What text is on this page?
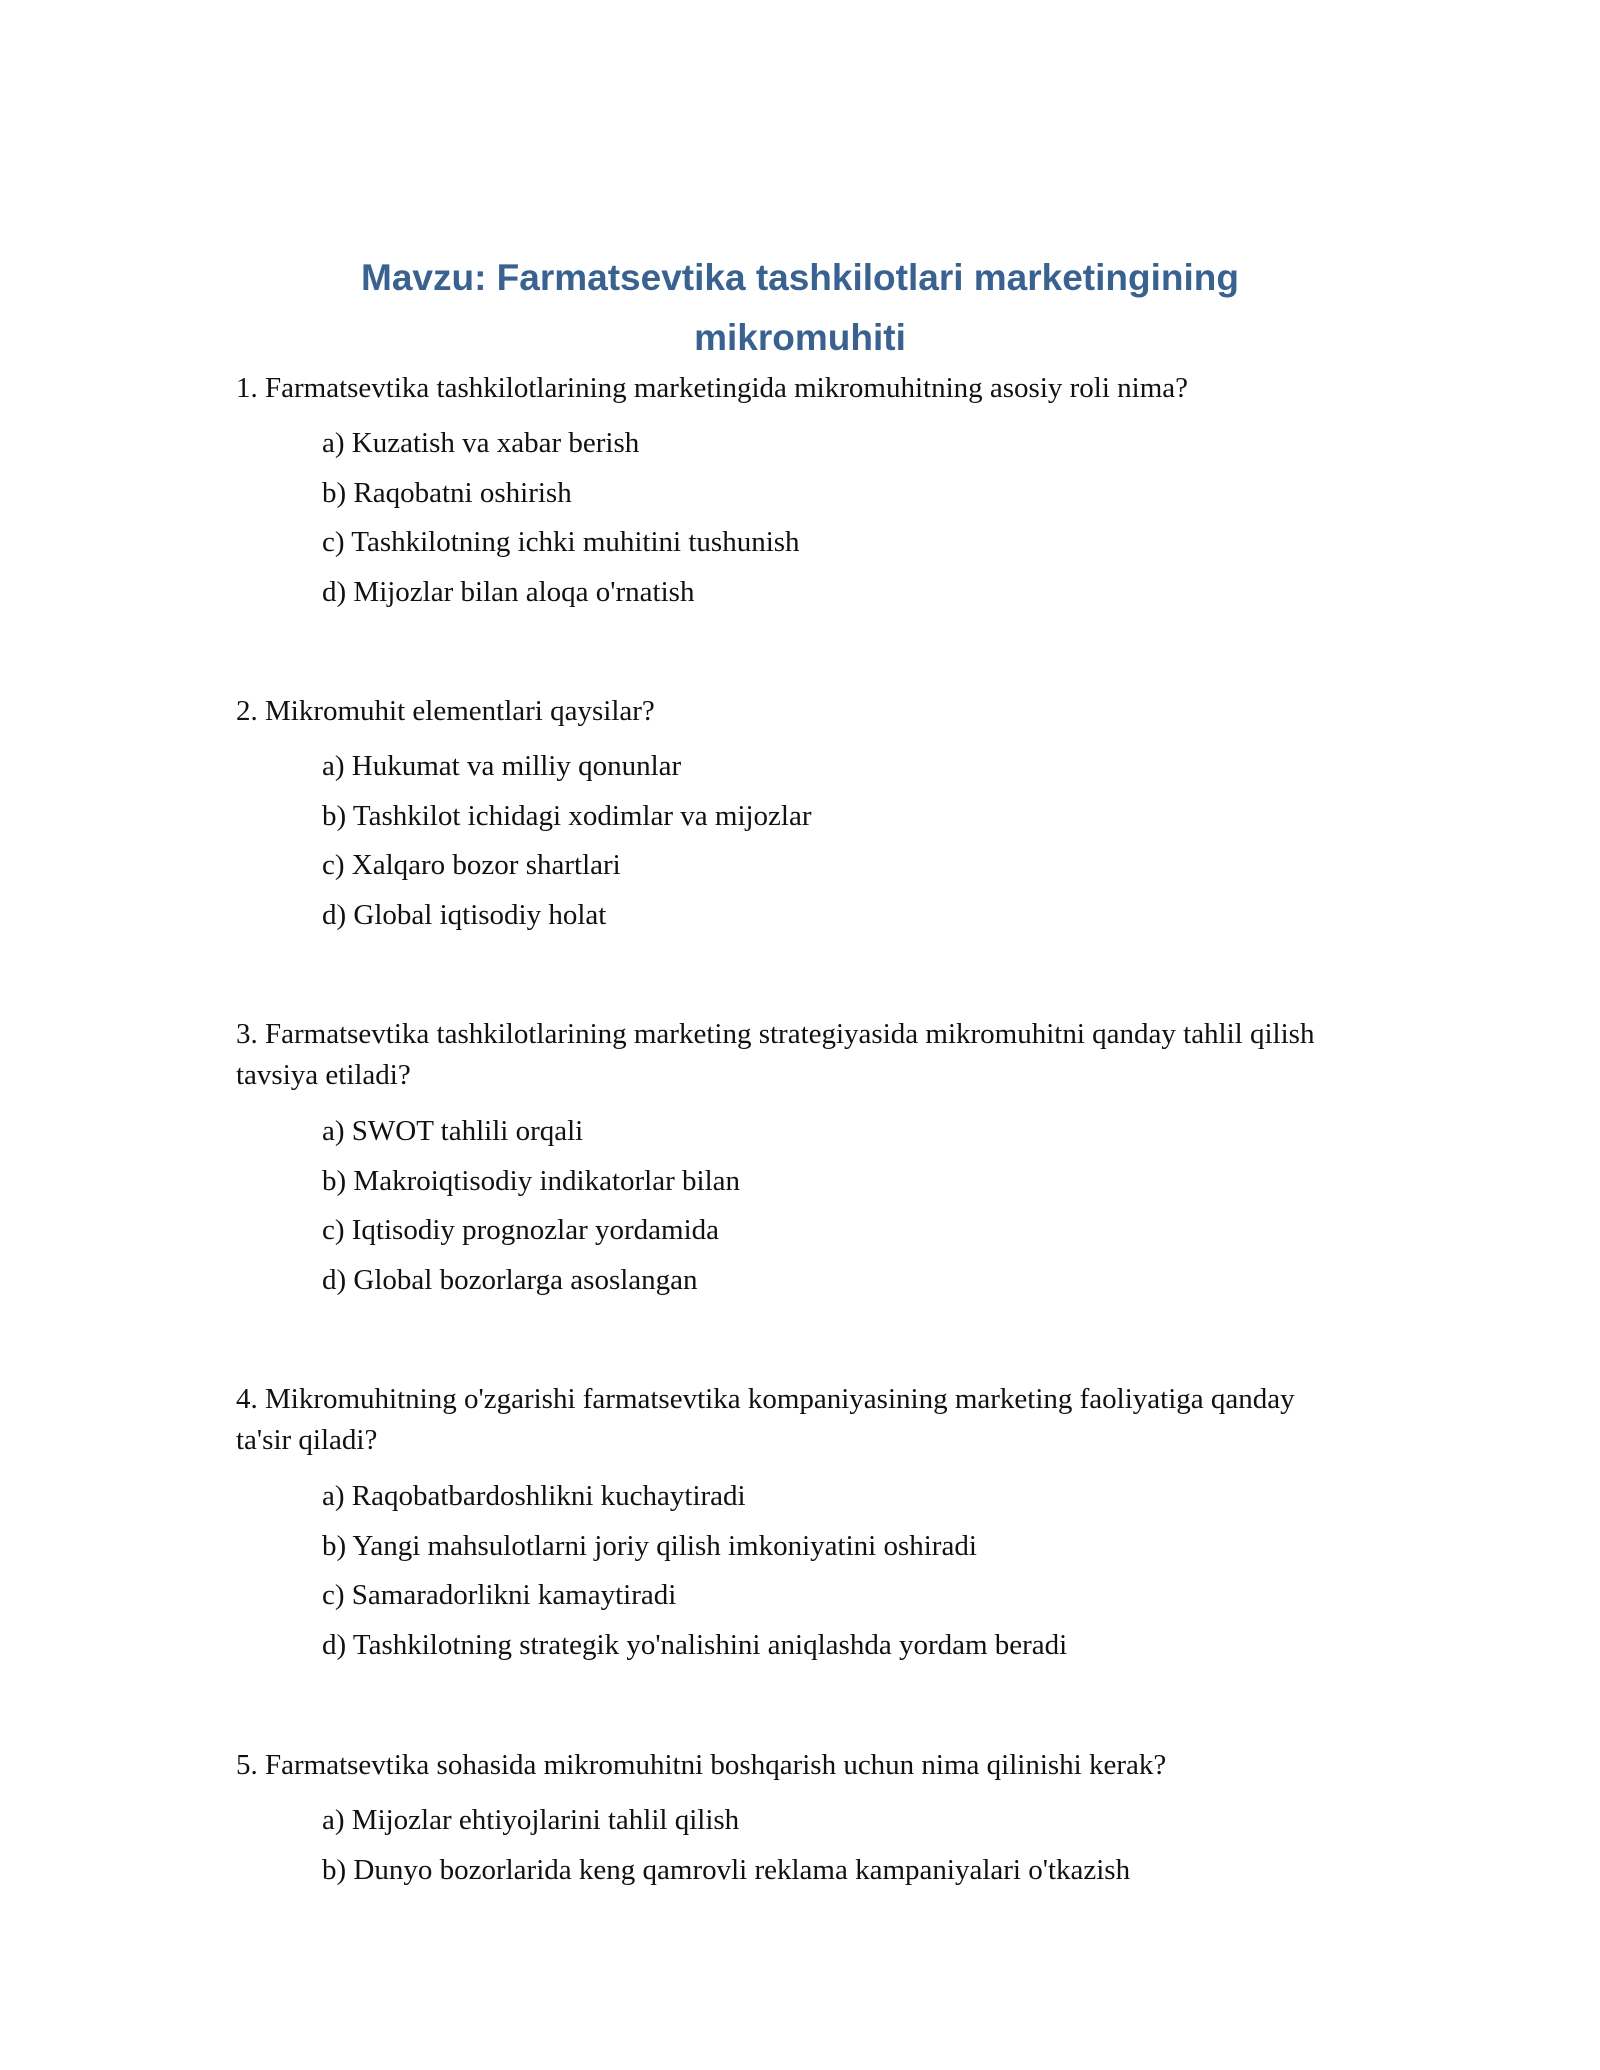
Mavzu: Farmatsevtika tashkilotlari marketingining
mikromuhiti
1. Farmatsevtika tashkilotlarining marketingida mikromuhitning asosiy roli nima?
a) Kuzatish va xabar berish
b) Raqobatni oshirish
c) Tashkilotning ichki muhitini tushunish
d) Mijozlar bilan aloqa o'rnatish
2. Mikromuhit elementlari qaysilar?
a) Hukumat va milliy qonunlar
b) Tashkilot ichidagi xodimlar va mijozlar
c) Xalqaro bozor shartlari
d) Global iqtisodiy holat
3. Farmatsevtika tashkilotlarining marketing strategiyasida mikromuhitni qanday tahlil qilish tavsiya etiladi?
a) SWOT tahlili orqali
b) Makroiqtisodiy indikatorlar bilan
c) Iqtisodiy prognozlar yordamida
d) Global bozorlarga asoslangan
4. Mikromuhitning o'zgarishi farmatsevtika kompaniyasining marketing faoliyatiga qanday ta'sir qiladi?
a) Raqobatbardoshlikni kuchaytiradi
b) Yangi mahsulotlarni joriy qilish imkoniyatini oshiradi
c) Samaradorlikni kamaytiradi
d) Tashkilotning strategik yo'nalishini aniqlashda yordam beradi
5. Farmatsevtika sohasida mikromuhitni boshqarish uchun nima qilinishi kerak?
a) Mijozlar ehtiyojlarini tahlil qilish
b) Dunyo bozorlarida keng qamrovli reklama kampaniyalari o'tkazish
